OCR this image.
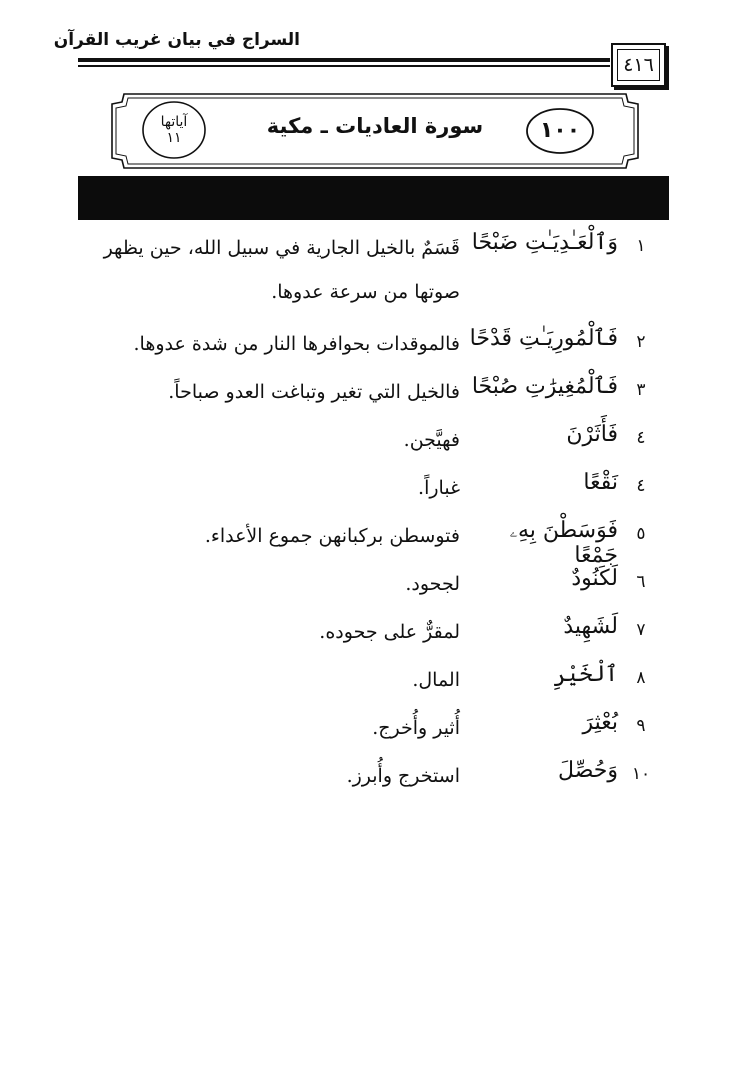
السراج في بيان غريب القرآن
٤١٦
سورة العاديات ـ مكية	١٠٠
آياتها
١١
١
وَٱلْعَـٰدِيَـٰتِ ضَبْحًا
قَسَمٌ بالخيل الجارية في سبيل الله، حين يظهر صوتها من سرعة عدوها.
٢
فَٱلْمُورِيَـٰتِ قَدْحًا
فالموقدات بحوافرها النار من شدة عدوها.
٣
فَٱلْمُغِيرَٰتِ صُبْحًا
فالخيل التي تغير وتباغت العدو صباحاً.
٤
فَأَثَرْنَ
فهيَّجن.
٤
نَقْعًا
غباراً.
٥
فَوَسَطْنَ بِهِۦ جَمْعًا
فتوسطن بركبانهن جموع الأعداء.
٦
لَكَنُودٌ
لجحود.
٧
لَشَهِيدٌ
لمقرٌّ على جحوده.
٨
ٱلْخَيْرِ
المال.
٩
بُعْثِرَ
أُثير وأُخرج.
١٠
وَحُصِّلَ
استخرج وأُبرز.
